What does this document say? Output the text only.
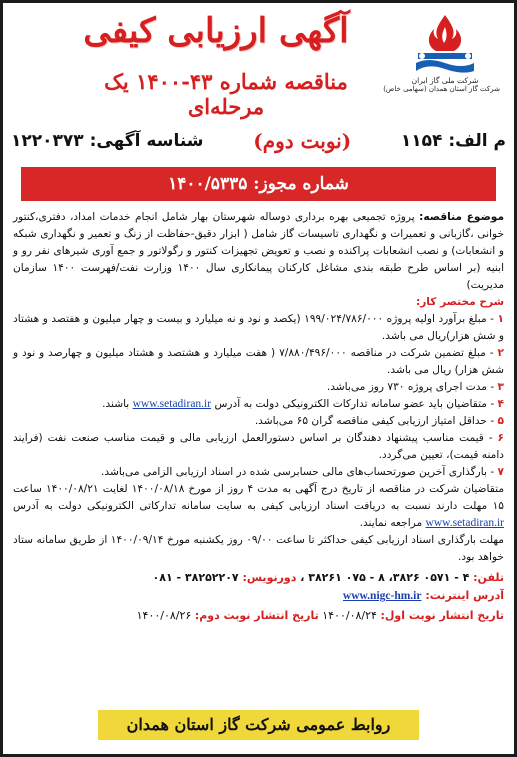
شرکت ملی گاز ایران
شرکت گاز استان همدان (سهامی خاص)
آگهی ارزیابی کیفی
مناقصه شماره ۴۳-۱۴۰۰ یک مرحله‌ای
م الف: ۱۱۵۴
(نوبت دوم)
شناسه آگهی: ۱۲۲۰۳۷۳
شماره مجوز: ۱۴۰۰/۵۳۳۵

موضوع مناقصه: پروژه تجمیعی بهره برداری دوساله شهرستان بهار شامل انجام خدمات امداد، دفتری،کنتور خوانی ،گازبانی و تعمیرات و نگهداری تاسیسات گاز شامل ( ابزار دقیق-حفاظت از زنگ و تعمیر و نگهداری شبکه و انشعابات) و نصب انشعابات پراکنده و نصب و تعویض تجهیزات کنتور و رگولاتور و جمع آوری شیرهای نفر رو و ابنیه (بر اساس طرح طبقه بندی مشاغل کارکنان پیمانکاری سال ۱۴۰۰ وزارت نفت/فهرست ۱۴۰۰ سازمان مدیریت)

شرح مختصر کار:

۱ - مبلغ برآورد اولیه پروژه ۱۹۹/۰۲۴/۷۸۶/۰۰۰ (یکصد و نود و نه میلیارد و بیست و چهار میلیون و هفتصد و هشتاد و شش هزار)ریال می باشد.

۲ - مبلغ تضمین شرکت در مناقصه ۷/۸۸۰/۴۹۶/۰۰۰ ( هفت میلیارد و هشتصد و هشتاد میلیون و چهارصد و نود و شش هزار) ریال می باشد.

۳ - مدت اجرای پروژه ۷۳۰ روز می‌باشد.

۴ - متقاضیان باید عضو سامانه تدارکات الکترونیکی دولت به آدرس www.setadiran.ir باشند.

۵ - حداقل امتیاز ارزیابی کیفی مناقصه گران ۶۵ می‌باشد.

۶ - قیمت مناسب پیشنهاد دهندگان بر اساس دستورالعمل ارزیابی مالی و قیمت مناسب صنعت نفت (فرایند دامنه قیمت)، تعیین می‌گردد.

۷ - بارگذاری آخرین صورتحساب‌های مالی حسابرسی شده در اسناد ارزیابی الزامی می‌باشد.

متقاضیان شرکت در مناقصه از تاریخ درج آگهی به مدت ۴ روز از مورخ ۱۴۰۰/۰۸/۱۸ لغایت ۱۴۰۰/۰۸/۲۱ ساعت ۱۵ مهلت دارند نسبت به دریافت اسناد ارزیابی کیفی به سایت سامانه تدارکاتی الکترونیکی دولت به آدرس www.setadiran.ir مراجعه نمایند.

مهلت بارگذاری اسناد ارزیابی کیفی حداکثر تا ساعت ۰۹/۰۰ روز یکشنبه مورخ ۱۴۰۰/۰۹/۱۴ از طریق سامانه ستاد خواهد بود.

تلفن: ۴ - ۰۵۷۱ ۳۸۲۶، ۸ - ۰۷۵ ۳۸۲۶۱ ، دورنویس: ۳۸۲۵۲۲۰۷ - ۰۸۱
آدرس اینترنت: www.nigc-hm.ir
تاریخ انتشار نوبت اول: ۱۴۰۰/۰۸/۲۴ تاریخ انتشار نوبت دوم: ۱۴۰۰/۰۸/۲۶
روابط عمومی شرکت گاز استان همدان
